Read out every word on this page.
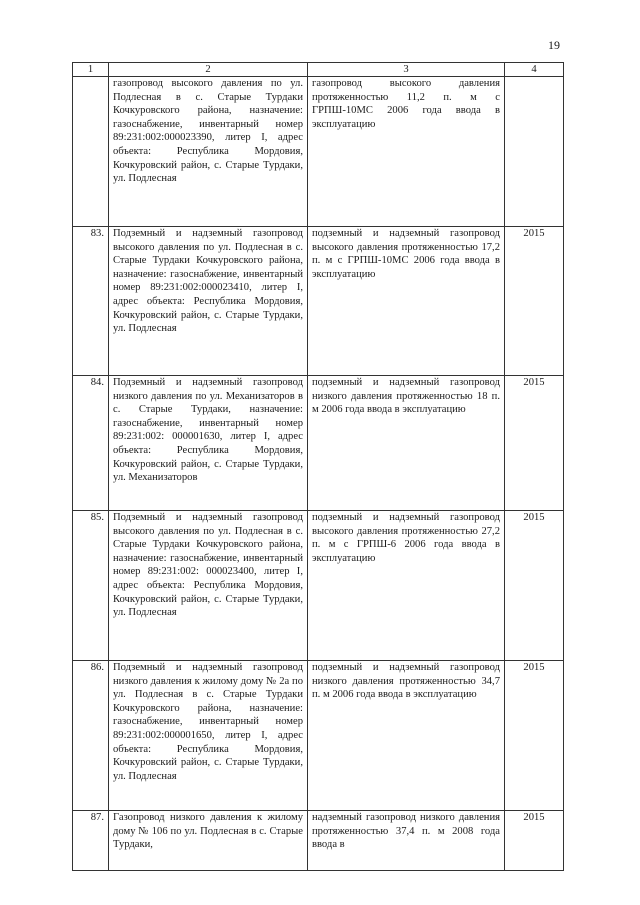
19
1	2	3	4
	газопровод высокого давления по ул. Подлесная в с. Старые Турдаки Кочкуровского района, назначение: газоснабжение, инвентарный номер 89:231:002:000023390, литер I, адрес объекта: Республика Мордовия, Кочкуровский район, с. Старые Турдаки, ул. Подлесная	газопровод высокого давления протяженностью 11,2 п. м с ГРПШ-10МС 2006 года ввода в эксплуатацию	
83.	Подземный и надземный газопровод высокого давления по ул. Подлесная в с. Старые Турдаки Кочкуровского района, назначение: газоснабжение, инвентарный номер 89:231:002:000023410, литер I, адрес объекта: Республика Мордовия, Кочкуровский район, с. Старые Турдаки, ул. Подлесная	подземный и надземный газопровод высокого давления протяженностью 17,2 п. м с ГРПШ-10МС 2006 года ввода в эксплуатацию	2015
84.	Подземный и надземный газопровод низкого давления по ул. Механизаторов в с. Старые Турдаки, назначение: газоснабжение, инвентарный номер 89:231:002: 000001630, литер I, адрес объекта: Республика Мордовия, Кочкуровский район, с. Старые Турдаки, ул. Механизаторов	подземный и надземный газопровод низкого давления протяженностью 18 п. м 2006 года ввода в эксплуатацию	2015
85.	Подземный и надземный газопровод высокого давления по ул. Подлесная в с. Старые Турдаки Кочкуровского района, назначение: газоснабжение, инвентарный номер 89:231:002: 000023400, литер I, адрес объекта: Республика Мордовия, Кочкуровский район, с. Старые Турдаки, ул. Подлесная	подземный и надземный газопровод высокого давления протяженностью 27,2 п. м с ГРПШ-6 2006 года ввода в эксплуатацию	2015
86.	Подземный и надземный газопровод низкого давления к жилому дому № 2а по ул. Подлесная в с. Старые Турдаки Кочкуровского района, назначение: газоснабжение, инвентарный номер 89:231:002:000001650, литер I, адрес объекта: Республика Мордовия, Кочкуровский район, с. Старые Турдаки, ул. Подлесная	подземный и надземный газопровод низкого давления протяженностью 34,7 п. м 2006 года ввода в эксплуатацию	2015
87.	Газопровод низкого давления к жилому дому № 106 по ул. Подлесная в с. Старые Турдаки,	надземный газопровод низкого давления протяженностью 37,4 п. м 2008 года ввода в	2015
